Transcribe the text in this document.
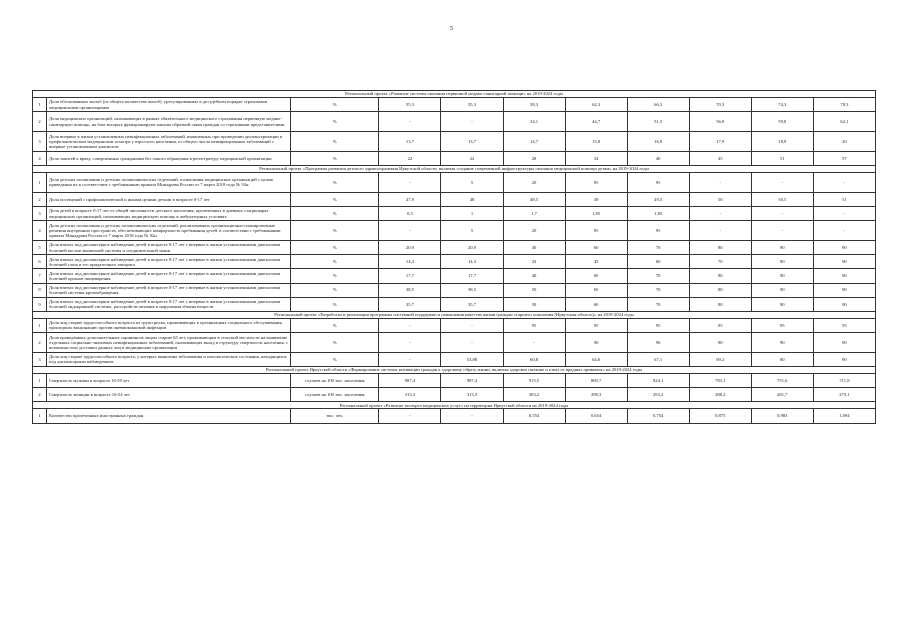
5
Региональный проект «Развитие системы оказания первичной медико-санитарной помощи» на 2019-2024 годы										
1	Доля обоснованных жалоб (от общего количества жалоб), урегулированных в досудебном порядке страховыми медицинскими организациями	%	55,3	55,3	58,3	62,3	66,3	70,3	74,3	78,3
2	Доля медицинских организаций, оказывающих в рамках обязательного медицинского страхования первичную медико-санитарную помощь, на базе которых функционируют каналы обратной связи граждан со страховыми представителями	%	-	-	34,1	44,7	51,5	56,8	59,8	62,1
3	Доля впервые в жизни установленных неинфекционных заболеваний, выявленных при проведении диспансеризации и профилактическом медицинском осмотре у взрослого населения, от общего числа неинфекционных заболеваний с впервые установленным диагнозом	%	13,7	13,7	14,7	15,8	16,8	17,9	18,9	20
4	Доля записей к врачу, совершенных гражданами без очного обращения в регистратуру медицинской организации	%	22	22	28	34	40	45	51	57
Региональный проект «Программа развития детского здравоохранения Иркутской области, включая создание современной инфраструктуры оказания медицинской помощи детям» на 2019-2024 годы										
1	Доля детских поликлиник и детских поликлинических отделений, поликлиник медицинских организаций с целью приведения их в соответствие с требованиями приказа Минздрава России от 7 марта 2018 года № 92н	%	-	5	20	95	95	-	-	-
2	Доля посещений с профилактической и иными целями детьми в возрасте 0-17 лет	%	47,9	48	48,5	49	49,5	50	50,5	51
3	Доля детей в возрасте 0-17 лет от общей численности детского населения, пролеченных в дневных стационарах медицинских организаций, оказывающих медицинскую помощь в амбулаторных условиях	%	0,5	1	1,7	1,85	1,85	-	-	-
4	Доля детских поликлиник и детских поликлинических отделений, реализовавших организационно-планировочные решения внутренних пространств, обеспечивающих комфортность пребывания детей, в соответствии с требованиями приказа Минздрава России от 7 марта 2018 года № 92н	%	-	5	20	95	95	-	-	-
5	Доля взятых под диспансерное наблюдение детей в возрасте 0-17 лет с впервые в жизни установленными диагнозами болезней костно-мышечной системы и соединительной ткани	%	20,9	20,9	30	60	70	80	90	90
6	Доля взятых под диспансерное наблюдение детей в возрасте 0-17 лет с впервые в жизни установленными диагнозами болезней глаза и его придаточного аппарата	%	14,3	14,3	33	45	60	70	80	90
7	Доля взятых под диспансерное наблюдение детей в возрасте 0-17 лет с впервые в жизни установленными диагнозами болезней органов пищеварения	%	17,7	17,7	40	60	70	80	90	90
8	Доля взятых под диспансерное наблюдение детей в возрасте 0-17 лет с впервые в жизни установленными диагнозами болезней системы кровообращения	%	38,5	38,5	50	60	70	80	90	90
9	Доля взятых под диспансерное наблюдение детей в возрасте 0-17 лет с впервые в жизни установленными диагнозами болезней эндокринной системы, расстройств питания и нарушения обмена веществ	%	35,7	35,7	50	60	70	80	90	90
Региональный проект «Разработка и реализация программы системной поддержки и повышения качества жизни граждан старшего поколения (Иркутская область)» на 2019-2024 годы										
1	Доля лиц старше трудоспособного возраста из групп риска, проживающих в организациях социального обслуживания, прошедших вакцинацию против пневмококковой инфекции	%	-	-	95	95	95	95	95	95
2	Доля проведённых дополнительных скринингов лицам старше 65 лет, проживающим в сельской местности на выявление отдельных социально-значимых неинфекционных заболеваний, оказывающих вклад в структуру смертности населения, с возможностью доставки данных лиц в медицинские организации	%	-	-	-	90	90	90	90	90
3	Доля лиц старше трудоспособного возраста, у которых выявлены заболевания и патологические состояния, находящихся под диспансерным наблюдением	%	-	53,88	60,8	64,6	67,1	69,2	80	90
Региональный проект Иркутской области «Формирование системы мотивации граждан к здоровому образу жизни, включая здоровое питание и отказ от вредных привычек» на 2019-2024 годы										
1	Смертность мужчин в возрасте 16-59 лет	случаев на 100 тыс. населения	987,4	987,4	915,5	869,7	824,1	783,1	751,6	711,8
2	Смертность женщин в возрасте 16-54 лет	случаев на 100 тыс. населения	313,3	313,3	303,2	298,3	293,2	288,2	281,7	275,1
Региональный проект «Развитие экспорта медицинских услуг» на территории Иркутской области на 2019-2024 годы										
1	Количество пролеченных иностранных граждан	тыс. чел.	-	-	0,554	0,654	0,754	0,875	0,983	1,094
